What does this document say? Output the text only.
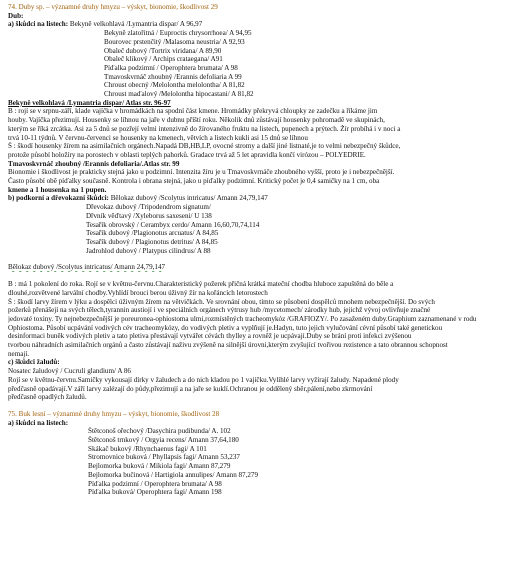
74. Duby sp. – významné druhy hmyzu – výskyt, bionomie, škodlivost 29
Dub:
a) škůdci na listech: Bekyně velkohlavá /Lymantria dispar/ A 96,97
Bekyně zlatořitná / Euproctis chrysorrhoea/ A 94,95
Bourovec prstenčitý /Malasoma neustria/ A 92,93
Obaleč dubový /Tortrix viridana/ A 89,90
Obaleč klikový / Archips crataegana/ A91
Píďalka podzimní / Operophtera brumata/ A 98
Tmavoskvrnáč zhoubný /Erannis defoliaria A 99
Chroust obecný /Melolontha melolontha/ A 81,82
Chroust maďalový /Melolontha hipocastani/ A 81,82
Bekyně velkohlavá /Lymantria dispar/ Atlas str. 96-97
B : rojí se v srpnu-září, klade vajíčka v hromádkách na spodní část kmene. Hromádky překryvá chloupky ze zadečku a říkáme jim
houby. Vajíčka přezimují. Housenky se líhnou na jaře v dubnu příští roku. Několik dnů zůstávají housenky pohromadě ve skupinách,
kterým se říká zrcátka. Asi za 5 dnů se pozřejí velmi intenzivně do žírovaného fruktu na listech, pupenech a prýtech. Žír probíhá i v noci a
trvá 10-11 týdnů. V červnu-červenci se housenky na kmenech, větvích a listech kukli asi 15 dnů se líhnou
Š : škodí housenky žírem na asimilačních orgánech.Napadá DB,HB,LP, ovocné stromy a další jiné listnaté,je to velmi nebezpečný škůdce,
protože působí holožíry na porostech v oblasti teplých pahorků. Gradace trvá až 5 let apravidla končí virózou – POLYEDRIE.
Tmavoskvrnáč zhoubný /Erannis defoliaria/.Atlas str. 99
Bionomie i škodlivost je prakticky stejná jako u podzimní. Intenzita žíru je u Tmavoskvrnáče zhoubného vyšší, proto je i nebezpečnější.
Často působí obě píďalky současně. Kontrola i obrana stejná, jako u píďalky podzimní. Kritický počet je 0,4 samičky na 1 cm, oba
kmene a 1 housenka na 1 pupen.
b) podkorní a dřevokazní škůdci: Bělokaz dubový /Scolytus intricatus/ Amann 24,79,147
Dřevokaz dubový /Tripodendrom signatum/
Dřvník věďtavý /Xyleborus saxeseni/ U 138
Tesařík obrovský / Cerambyx cerdo/ Amann 16,60,70,74,114
Tesařík dubový /Plagionotus arcuatus/ A 84,85
Tesařík dubový / Plagionotus detritus/ A 84,85
Jadrohlod dubový / Platypus cilindrus/ A 88
Bělokaz dubový /Scolytus intricatus/ Amann 24,79,147
B : má 1 pokolení do roka. Rojí se v květnu-červnu.Charakteristický požerek přičná krátká mateční chodba hluboce zapuštěná do běle a
dlouhé,rozvětvené larvální chodby.Vyhlídí brouci berou úživný žír na kořáncích letorostech
Š : škodí larvy žírem v lýku a dospělci úživným žírem na větvičkách. Ve srovnání obou, tímto se působení dospělců mnohem nebezpečnější. Do svých
požerků přenášejí na svých tělech,tyrannin austiojí i ve speciálních orgánech výtrusy hub /mycetomech/ zárodky hub, jejichž vývoj ovlivňuje značné
jedovaté toxiny. Ty nejnebezpečnější je poreuronea-ophiostoma ulmi,rozmístěných tracheomykóz /GRAFIOZY/. Po zasaženém duby.Graphium zaznamenané v rodu
Ophiostoma. Působí ucpávání vodivých cév tracheomykózy, do vodivých pletiv a vyplňují je.Hadyn, tuto jejich vylučování cévní působí také genetickou
desinformaci buněk vodivých pletiv a tato pletiva přestávají vytvářet cévách thylley a rovněž je ucpávají.Duby se brání proti infekci zvýšenou
tvorbou náhradních asimilačních orgánů a často zůstávají naživu zvýšeně na silnější úrovni,kterým zvyšující tvořivou rezistence a tato obrannou schopnost
nemají.
c) škůdci žaludů:
Nosatec žaludový / Cucruli glandium/ A 86
Rojí se v květnu-červnu.Samičky vykousají dírky v žaludech a do nich kladou po 1 vajíčku.Vylíhlé larvy vyžírají žaludy. Napadené plody
předčasně opadávají.V září larvy zalézají do půdy,přezimují a na jaře se kuklí.Ochranou je oddělený sběr,pálení,nebo zkrmování
předčasně opadlých žaludů.
75. Buk lesní – významné druhy hmyzu – výskyt, bionomie, škodlivost 28
a) škůdci na listech:
Štětconoš ořechový /Dasychira pudibunda/ A. 102
Štětconoš trnkový / Orgyia recens/ Amann 37,64,180
Skákač bukový /Rhynchaenus fagi/ A 101
Stromovnice buková / Phyllapsis fagi/ Amann 53,237
Bejlomorka buková / Mikiola fagi/ Amann 87,279
Bejlomorka bučinová / Hartigiola annulipes/ Amann 87,279
Píďalka podzimní / Operophtera brumata/ A 98
Píďalka buková/ Operophtera fagi/ Amann 198
